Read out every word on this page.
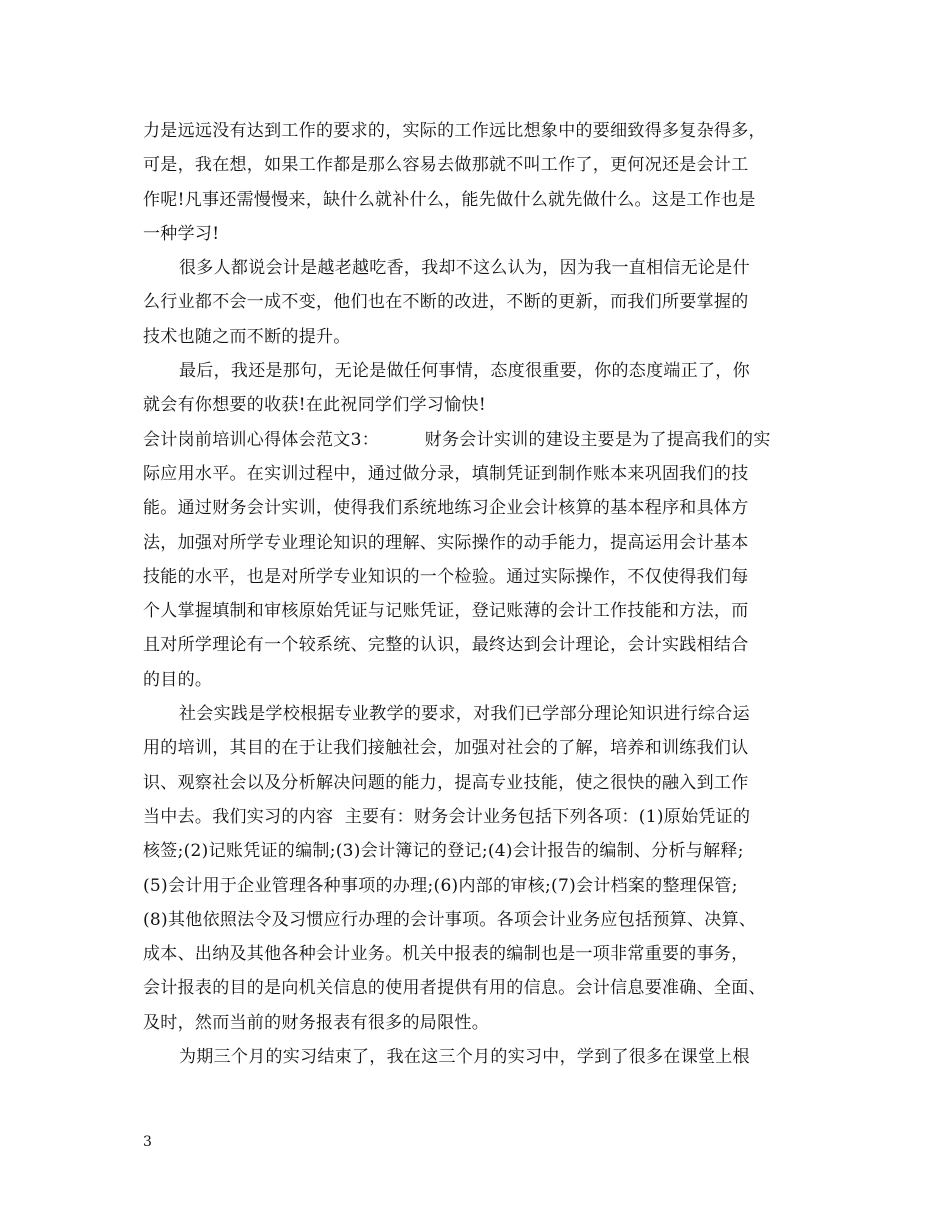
力是远远没有达到工作的要求的，实际的工作远比想象中的要细致得多复杂得多，
可是，我在想，如果工作都是那么容易去做那就不叫工作了，更何况还是会计工
作呢!凡事还需慢慢来，缺什么就补什么，能先做什么就先做什么。这是工作也是
一种学习!
很多人都说会计是越老越吃香，我却不这么认为，因为我一直相信无论是什
么行业都不会一成不变，他们也在不断的改进，不断的更新，而我们所要掌握的
技术也随之而不断的提升。
最后，我还是那句，无论是做任何事情，态度很重要，你的态度端正了，你
就会有你想要的收获!在此祝同学们学习愉快!
会计岗前培训心得体会范文3：        财务会计实训的建设主要是为了提高我们的实
际应用水平。在实训过程中，通过做分录，填制凭证到制作账本来巩固我们的技
能。通过财务会计实训，使得我们系统地练习企业会计核算的基本程序和具体方
法，加强对所学专业理论知识的理解、实际操作的动手能力，提高运用会计基本
技能的水平，也是对所学专业知识的一个检验。通过实际操作，不仅使得我们每
个人掌握填制和审核原始凭证与记账凭证，登记账薄的会计工作技能和方法，而
且对所学理论有一个较系统、完整的认识，最终达到会计理论，会计实践相结合
的目的。
社会实践是学校根据专业教学的要求，对我们已学部分理论知识进行综合运
用的培训，其目的在于让我们接触社会，加强对社会的了解，培养和训练我们认
识、观察社会以及分析解决问题的能力，提高专业技能，使之很快的融入到工作
当中去。我们实习的内容  主要有：财务会计业务包括下列各项：(1)原始凭证的
核签;(2)记账凭证的编制;(3)会计簿记的登记;(4)会计报告的编制、分析与解释;
(5)会计用于企业管理各种事项的办理;(6)内部的审核;(7)会计档案的整理保管;
(8)其他依照法令及习惯应行办理的会计事项。各项会计业务应包括预算、决算、
成本、出纳及其他各种会计业务。机关中报表的编制也是一项非常重要的事务，
会计报表的目的是向机关信息的使用者提供有用的信息。会计信息要准确、全面、
及时，然而当前的财务报表有很多的局限性。
为期三个月的实习结束了，我在这三个月的实习中，学到了很多在课堂上根
3
